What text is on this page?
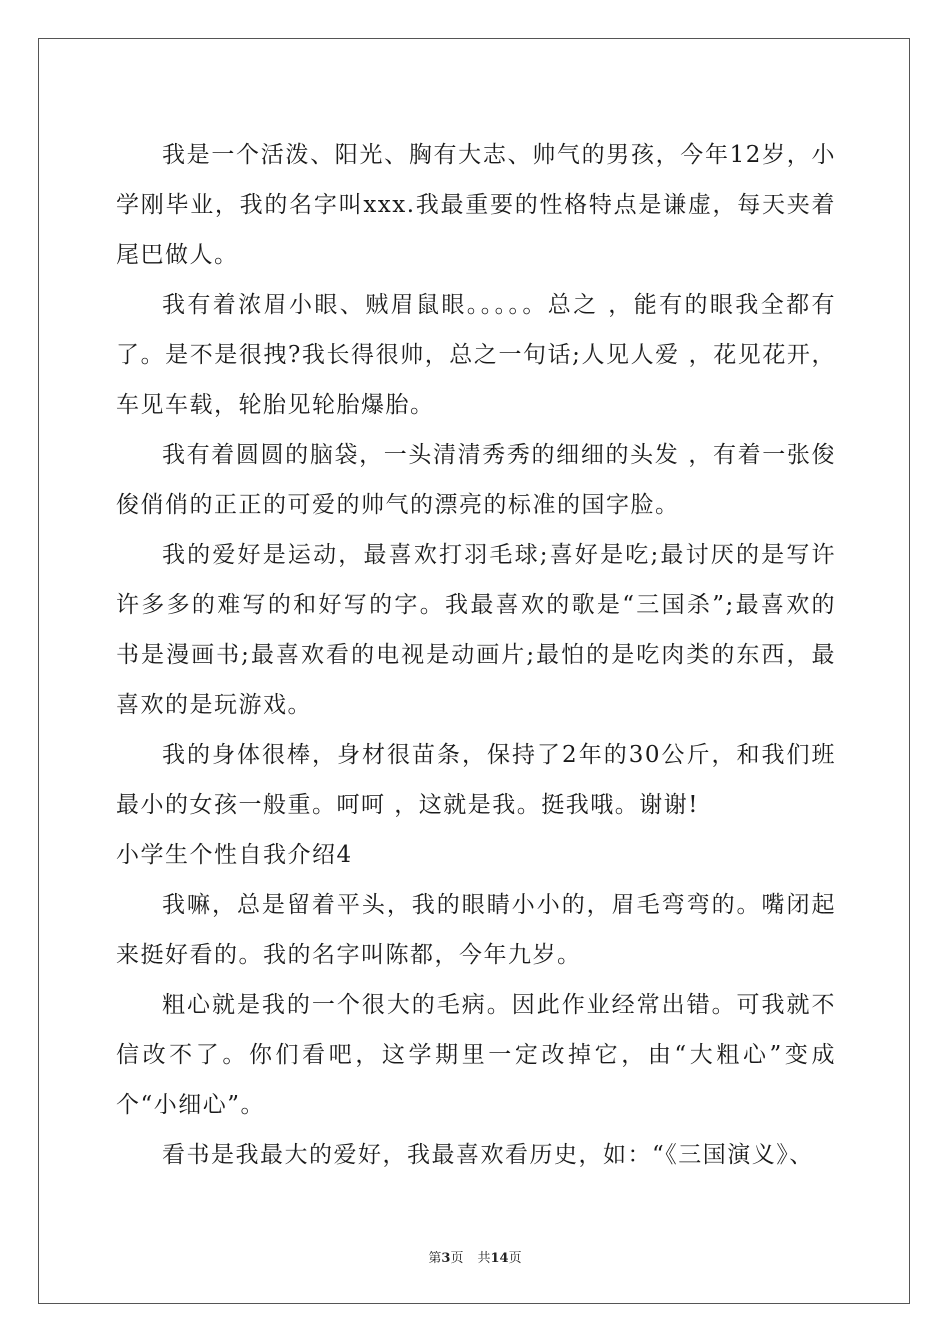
我是一个活泼、阳光、胸有大志、帅气的男孩，今年12岁，小学刚毕业，我的名字叫xxx.我最重要的性格特点是谦虚，每天夹着尾巴做人。

我有着浓眉小眼、贼眉鼠眼。。。。。总之 ，能有的眼我全都有了。是不是很拽?我长得很帅，总之一句话;人见人爱 ，花见花开，车见车载，轮胎见轮胎爆胎。

我有着圆圆的脑袋，一头清清秀秀的细细的头发 ，有着一张俊俊俏俏的正正的可爱的帅气的漂亮的标准的国字脸。

我的爱好是运动，最喜欢打羽毛球;喜好是吃;最讨厌的是写许许多多的难写的和好写的字。我最喜欢的歌是“三国杀”;最喜欢的书是漫画书;最喜欢看的电视是动画片;最怕的是吃肉类的东西，最喜欢的是玩游戏。

我的身体很棒，身材很苗条，保持了2年的30公斤，和我们班最小的女孩一般重。呵呵 ，这就是我。挺我哦。谢谢!

小学生个性自我介绍4

我嘛，总是留着平头，我的眼睛小小的，眉毛弯弯的。嘴闭起来挺好看的。我的名字叫陈都，今年九岁。

粗心就是我的一个很大的毛病。因此作业经常出错。可我就不信改不了。你们看吧，这学期里一定改掉它，由“大粗心”变成个“小细心”。

看书是我最大的爱好，我最喜欢看历史，如：“《三国演义》、

第3页 共14页
